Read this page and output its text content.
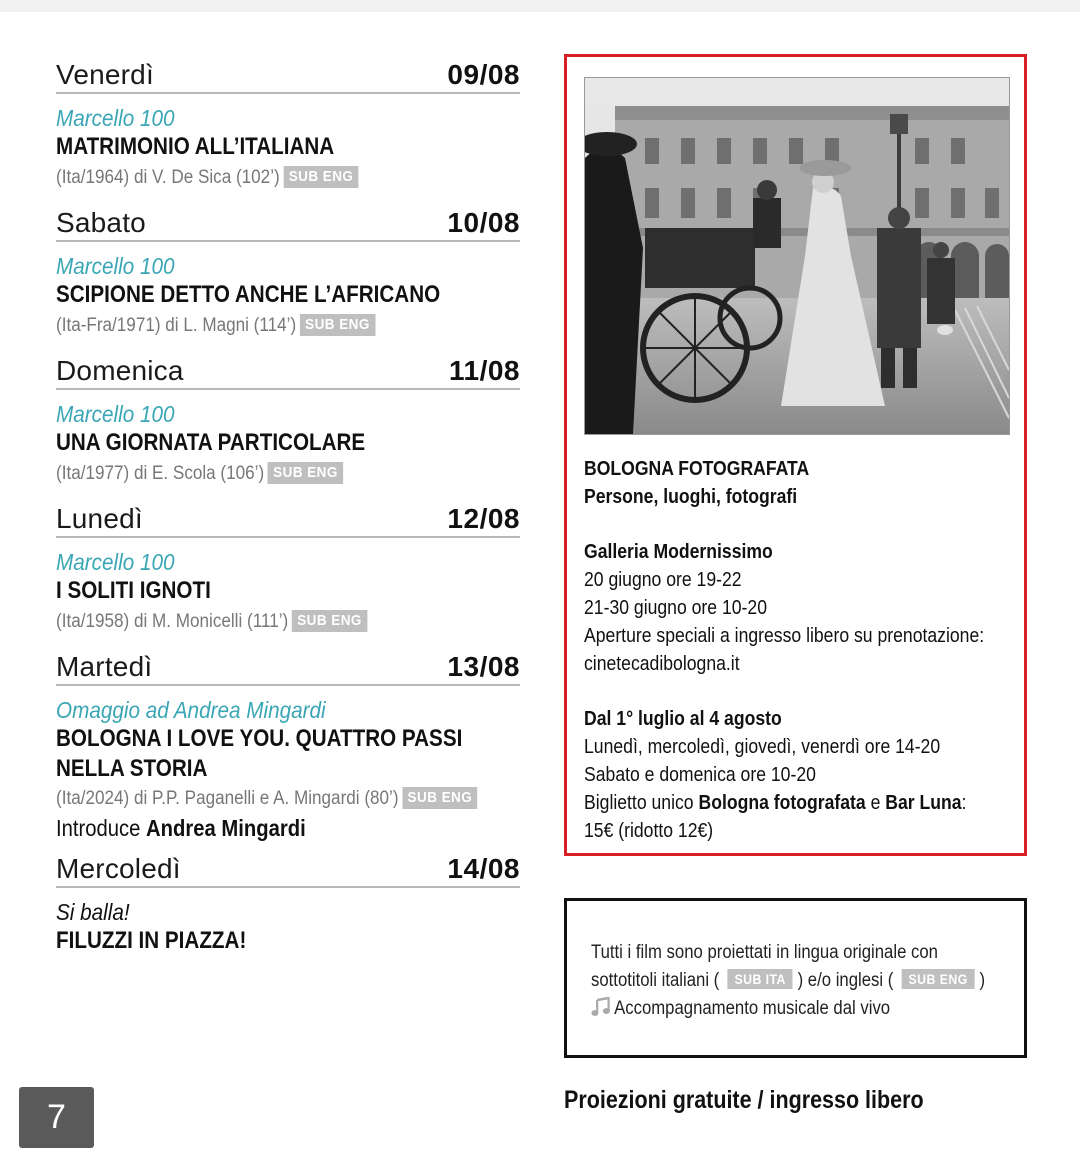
Venerdì	09/08
Marcello 100
MATRIMONIO ALL’ITALIANA
(Ita/1964) di V. De Sica (102’) SUB ENG
Sabato	10/08
Marcello 100
SCIPIONE DETTO ANCHE L’AFRICANO
(Ita-Fra/1971) di L. Magni (114’) SUB ENG
Domenica	11/08
Marcello 100
UNA GIORNATA PARTICOLARE
(Ita/1977) di E. Scola (106’) SUB ENG
Lunedì	12/08
Marcello 100
I SOLITI IGNOTI
(Ita/1958) di M. Monicelli (111’) SUB ENG
Martedì	13/08
Omaggio ad Andrea Mingardi
BOLOGNA I LOVE YOU. QUATTRO PASSI
NELLA STORIA
(Ita/2024) di P.P. Paganelli e A. Mingardi (80’) SUB ENG
Introduce Andrea Mingardi
Mercoledì	14/08
Si balla!
FILUZZI IN PIAZZA!
BOLOGNA FOTOGRAFATA
Persone, luoghi, fotografi
Galleria Modernissimo
20 giugno ore 19-22
21-30 giugno ore 10-20
Aperture speciali a ingresso libero su prenotazione:
cinetecadibologna.it
Dal 1° luglio al 4 agosto
Lunedì, mercoledì, giovedì, venerdì ore 14-20
Sabato e domenica ore 10-20
Biglietto unico Bologna fotografata e Bar Luna:
15€ (ridotto 12€)
Tutti i film sono proiettati in lingua originale con
sottotitoli italiani ( SUB ITA ) e/o inglesi ( SUB ENG )
Accompagnamento musicale dal vivo
Proiezioni gratuite / ingresso libero
7
